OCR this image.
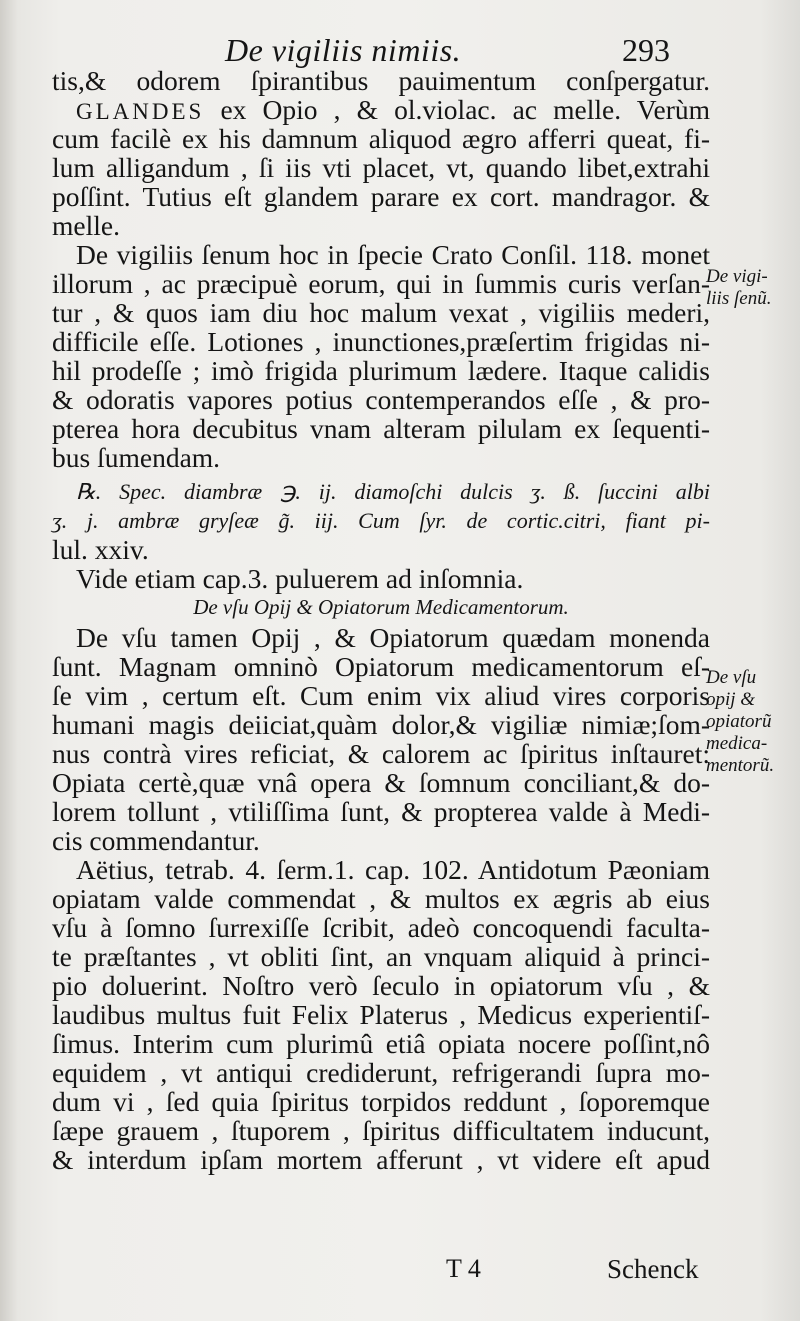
De vigiliis nimiis.	293
tis,& odorem ſpirantibus pauimentum conſpergatur.
GLANDES ex Opio , & ol.violac. ac melle. Verùm
cum facilè ex his damnum aliquod ægro afferri queat, fi-
lum alligandum , ſi iis vti placet, vt, quando libet,extrahi
poſſint. Tutius eſt glandem parare ex cort. mandragor. &
melle.
De vigiliis ſenum hoc in ſpecie Crato Conſil. 118. monet
illorum , ac præcipuè eorum, qui in ſummis curis verſan-
tur , & quos iam diu hoc malum vexat , vigiliis mederi,
difficile eſſe. Lotiones , inunctiones,præſertim frigidas ni-
hil prodeſſe ; imò frigida plurimum lædere. Itaque calidis
& odoratis vapores potius contemperandos eſſe , & pro-
pterea hora decubitus vnam alteram pilulam ex ſequenti-
bus ſumendam.
℞. Spec. diambræ ℈. ij. diamoſchi dulcis ʒ. ß. ſuccini albi
ʒ. j. ambræ gryſeæ g̃. iij. Cum ſyr. de cortic.citri, fiant pi-
lul. xxiv.
Vide etiam cap.3. puluerem ad inſomnia.
De vſu Opij & Opiatorum Medicamentorum.
De vſu tamen Opij , & Opiatorum quædam monenda
ſunt. Magnam omninò Opiatorum medicamentorum eſ-
ſe vim , certum eſt. Cum enim vix aliud vires corporis
humani magis deiiciat,quàm dolor,& vigiliæ nimiæ;ſom-
nus contrà vires reficiat, & calorem ac ſpiritus inſtauret:
Opiata certè,quæ vnâ opera & ſomnum conciliant,& do-
lorem tollunt , vtiliſſima ſunt, & propterea valde à Medi-
cis commendantur.
Aëtius, tetrab. 4. ſerm.1. cap. 102. Antidotum Pæoniam
opiatam valde commendat , & multos ex ægris ab eius
vſu à ſomno ſurrexiſſe ſcribit, adeò concoquendi faculta-
te præſtantes , vt obliti ſint, an vnquam aliquid à princi-
pio doluerint. Noſtro verò ſeculo in opiatorum vſu , &
laudibus multus fuit Felix Platerus , Medicus experientiſ-
ſimus. Interim cum plurimû etiâ opiata nocere poſſint,nô
equidem , vt antiqui crediderunt, refrigerandi ſupra mo-
dum vi , ſed quia ſpiritus torpidos reddunt , ſoporemque
ſæpe grauem , ſtuporem , ſpiritus difficultatem inducunt,
& interdum ipſam mortem afferunt , vt videre eſt apud
De vigi-
liis ſenũ.
De vſu
opij &
opiatorũ
medica-
mentorũ.
T 4	Schenck
